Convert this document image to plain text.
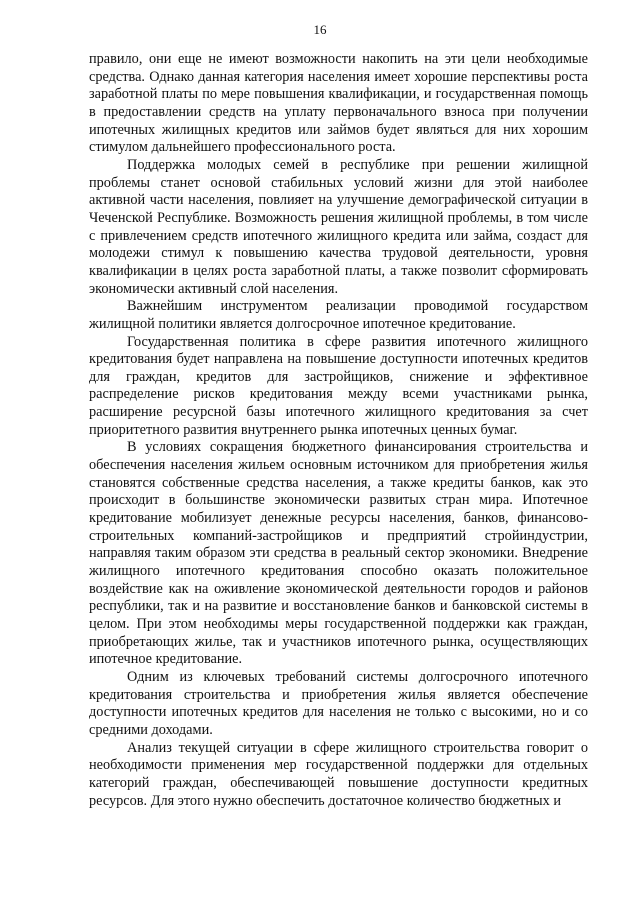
16

правило, они еще не имеют возможности накопить на эти цели необходимые средства. Однако данная категория населения имеет хорошие перспективы роста заработной платы по мере повышения квалификации, и государственная помощь в предоставлении средств на уплату первоначального взноса при получении ипотечных жилищных кредитов или займов будет являться для них хорошим стимулом дальнейшего профессионального роста.

Поддержка молодых семей в республике при решении жилищной проблемы станет основой стабильных условий жизни для этой наиболее активной части населения, повлияет на улучшение демографической ситуации в Чеченской Республике. Возможность решения жилищной проблемы, в том числе с привлечением средств ипотечного жилищного кредита или займа, создаст для молодежи стимул к повышению качества трудовой деятельности, уровня квалификации в целях роста заработной платы, а также позволит сформировать экономически активный слой населения.

Важнейшим инструментом реализации проводимой государством жилищной политики является долгосрочное ипотечное кредитование.

Государственная политика в сфере развития ипотечного жилищного кредитования будет направлена на повышение доступности ипотечных кредитов для граждан, кредитов для застройщиков, снижение и эффективное распределение рисков кредитования между всеми участниками рынка, расширение ресурсной базы ипотечного жилищного кредитования за счет приоритетного развития внутреннего рынка ипотечных ценных бумаг.

В условиях сокращения бюджетного финансирования строительства и обеспечения населения жильем основным источником для приобретения жилья становятся собственные средства населения, а также кредиты банков, как это происходит в большинстве экономически развитых стран мира. Ипотечное кредитование мобилизует денежные ресурсы населения, банков, финансово-строительных компаний-застройщиков и предприятий стройиндустрии, направляя таким образом эти средства в реальный сектор экономики. Внедрение жилищного ипотечного кредитования способно оказать положительное воздействие как на оживление экономической деятельности городов и районов республики, так и на развитие и восстановление банков и банковской системы в целом. При этом необходимы меры государственной поддержки как граждан, приобретающих жилье, так и участников ипотечного рынка, осуществляющих ипотечное кредитование.

Одним из ключевых требований системы долгосрочного ипотечного кредитования строительства и приобретения жилья является обеспечение доступности ипотечных кредитов для населения не только с высокими, но и со средними доходами.

Анализ текущей ситуации в сфере жилищного строительства говорит о необходимости применения мер государственной поддержки для отдельных категорий граждан, обеспечивающей повышение доступности кредитных ресурсов. Для этого нужно обеспечить достаточное количество бюджетных и
